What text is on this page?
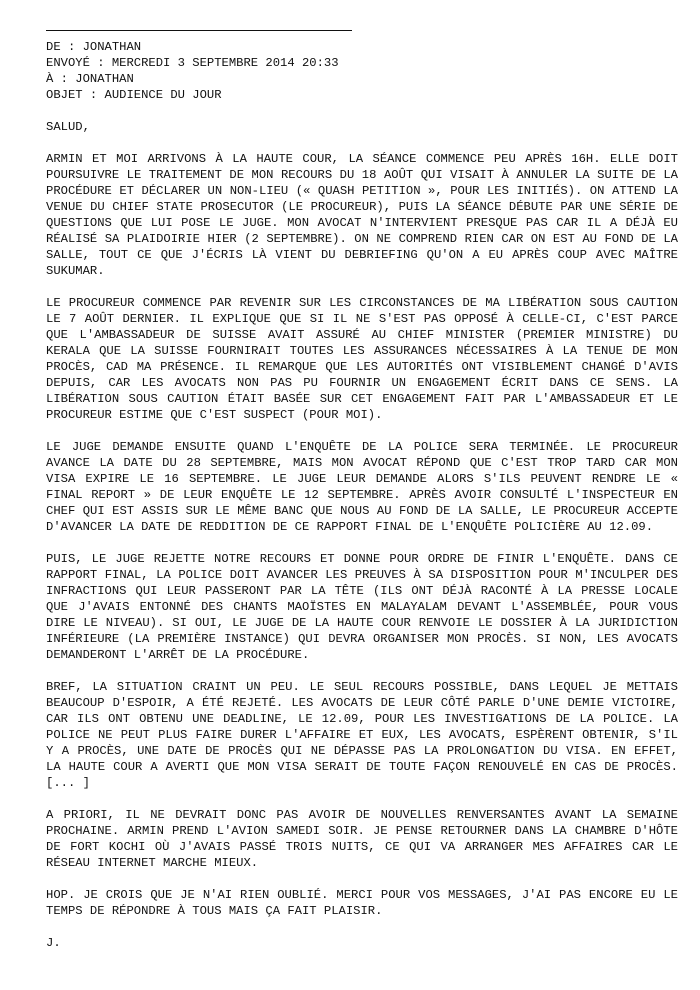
DE : JONATHAN
ENVOYÉ : MERCREDI 3 SEPTEMBRE 2014 20:33
À : JONATHAN
OBJET : AUDIENCE DU JOUR
SALUD,

ARMIN ET MOI ARRIVONS À LA HAUTE COUR, LA SÉANCE COMMENCE PEU APRÈS 16H. ELLE DOIT POURSUIVRE LE TRAITEMENT DE MON RECOURS DU 18 AOÛT QUI VISAIT À ANNULER LA SUITE DE LA PROCÉDURE ET DÉCLARER UN NON-LIEU (« QUASH PETITION », POUR LES INITIÉS). ON ATTEND LA VENUE DU CHIEF STATE PROSECUTOR (LE PROCUREUR), PUIS LA SÉANCE DÉBUTE PAR UNE SÉRIE DE QUESTIONS QUE LUI POSE LE JUGE. MON AVOCAT N'INTERVIENT PRESQUE PAS CAR IL A DÉJÀ EU RÉALISÉ SA PLAIDOIRIE HIER (2 SEPTEMBRE). ON NE COMPREND RIEN CAR ON EST AU FOND DE LA SALLE, TOUT CE QUE J'ÉCRIS LÀ VIENT DU DEBRIEFING QU'ON A EU APRÈS COUP AVEC MAÎTRE SUKUMAR.

LE PROCUREUR COMMENCE PAR REVENIR SUR LES CIRCONSTANCES DE MA LIBÉRATION SOUS CAUTION LE 7 AOÛT DERNIER. IL EXPLIQUE QUE SI IL NE S'EST PAS OPPOSÉ À CELLE-CI, C'EST PARCE QUE L'AMBASSADEUR DE SUISSE AVAIT ASSURÉ AU CHIEF MINISTER (PREMIER MINISTRE) DU KERALA QUE LA SUISSE FOURNIRAIT TOUTES LES ASSURANCES NÉCESSAIRES À LA TENUE DE MON PROCÈS, CAD MA PRÉSENCE. IL REMARQUE QUE LES AUTORITÉS ONT VISIBLEMENT CHANGÉ D'AVIS DEPUIS, CAR LES AVOCATS NON PAS PU FOURNIR UN ENGAGEMENT ÉCRIT DANS CE SENS. LA LIBÉRATION SOUS CAUTION ÉTAIT BASÉE SUR CET ENGAGEMENT FAIT PAR L'AMBASSADEUR ET LE PROCUREUR ESTIME QUE C'EST SUSPECT (POUR MOI).

LE JUGE DEMANDE ENSUITE QUAND L'ENQUÊTE DE LA POLICE SERA TERMINÉE. LE PROCUREUR AVANCE LA DATE DU 28 SEPTEMBRE, MAIS MON AVOCAT RÉPOND QUE C'EST TROP TARD CAR MON VISA EXPIRE LE 16 SEPTEMBRE. LE JUGE LEUR DEMANDE ALORS S'ILS PEUVENT RENDRE LE « FINAL REPORT » DE LEUR ENQUÊTE LE 12 SEPTEMBRE. APRÈS AVOIR CONSULTÉ L'INSPECTEUR EN CHEF QUI EST ASSIS SUR LE MÊME BANC QUE NOUS AU FOND DE LA SALLE, LE PROCUREUR ACCEPTE D'AVANCER LA DATE DE REDDITION DE CE RAPPORT FINAL DE L'ENQUÊTE POLICIÈRE AU 12.09.

PUIS, LE JUGE REJETTE NOTRE RECOURS ET DONNE POUR ORDRE DE FINIR L'ENQUÊTE. DANS CE RAPPORT FINAL, LA POLICE DOIT AVANCER LES PREUVES À SA DISPOSITION POUR M'INCULPER DES INFRACTIONS QUI LEUR PASSERONT PAR LA TÊTE (ILS ONT DÉJÀ RACONTÉ À LA PRESSE LOCALE QUE J'AVAIS ENTONNÉ DES CHANTS MAOÏSTES EN MALAYALAM DEVANT L'ASSEMBLÉE, POUR VOUS DIRE LE NIVEAU). SI OUI, LE JUGE DE LA HAUTE COUR RENVOIE LE DOSSIER À LA JURIDICTION INFÉRIEURE (LA PREMIÈRE INSTANCE) QUI DEVRA ORGANISER MON PROCÈS. SI NON, LES AVOCATS DEMANDERONT L'ARRÊT DE LA PROCÉDURE.

BREF, LA SITUATION CRAINT UN PEU. LE SEUL RECOURS POSSIBLE, DANS LEQUEL JE METTAIS BEAUCOUP D'ESPOIR, A ÉTÉ REJETÉ. LES AVOCATS DE LEUR CÔTÉ PARLE D'UNE DEMIE VICTOIRE, CAR ILS ONT OBTENU UNE DEADLINE, LE 12.09, POUR LES INVESTIGATIONS DE LA POLICE. LA POLICE NE PEUT PLUS FAIRE DURER L'AFFAIRE ET EUX, LES AVOCATS, ESPÈRENT OBTENIR, S'IL Y A PROCÈS, UNE DATE DE PROCÈS QUI NE DÉPASSE PAS LA PROLONGATION DU VISA. EN EFFET, LA HAUTE COUR A AVERTI QUE MON VISA SERAIT DE TOUTE FAÇON RENOUVELÉ EN CAS DE PROCÈS. [... ]

A PRIORI, IL NE DEVRAIT DONC PAS AVOIR DE NOUVELLES RENVERSANTES AVANT LA SEMAINE PROCHAINE. ARMIN PREND L'AVION SAMEDI SOIR. JE PENSE RETOURNER DANS LA CHAMBRE D'HÔTE DE FORT KOCHI OÙ J'AVAIS PASSÉ TROIS NUITS, CE QUI VA ARRANGER MES AFFAIRES CAR LE RÉSEAU INTERNET MARCHE MIEUX.

HOP. JE CROIS QUE JE N'AI RIEN OUBLIÉ. MERCI POUR VOS MESSAGES, J'AI PAS ENCORE EU LE TEMPS DE RÉPONDRE À TOUS MAIS ÇA FAIT PLAISIR.

J.
